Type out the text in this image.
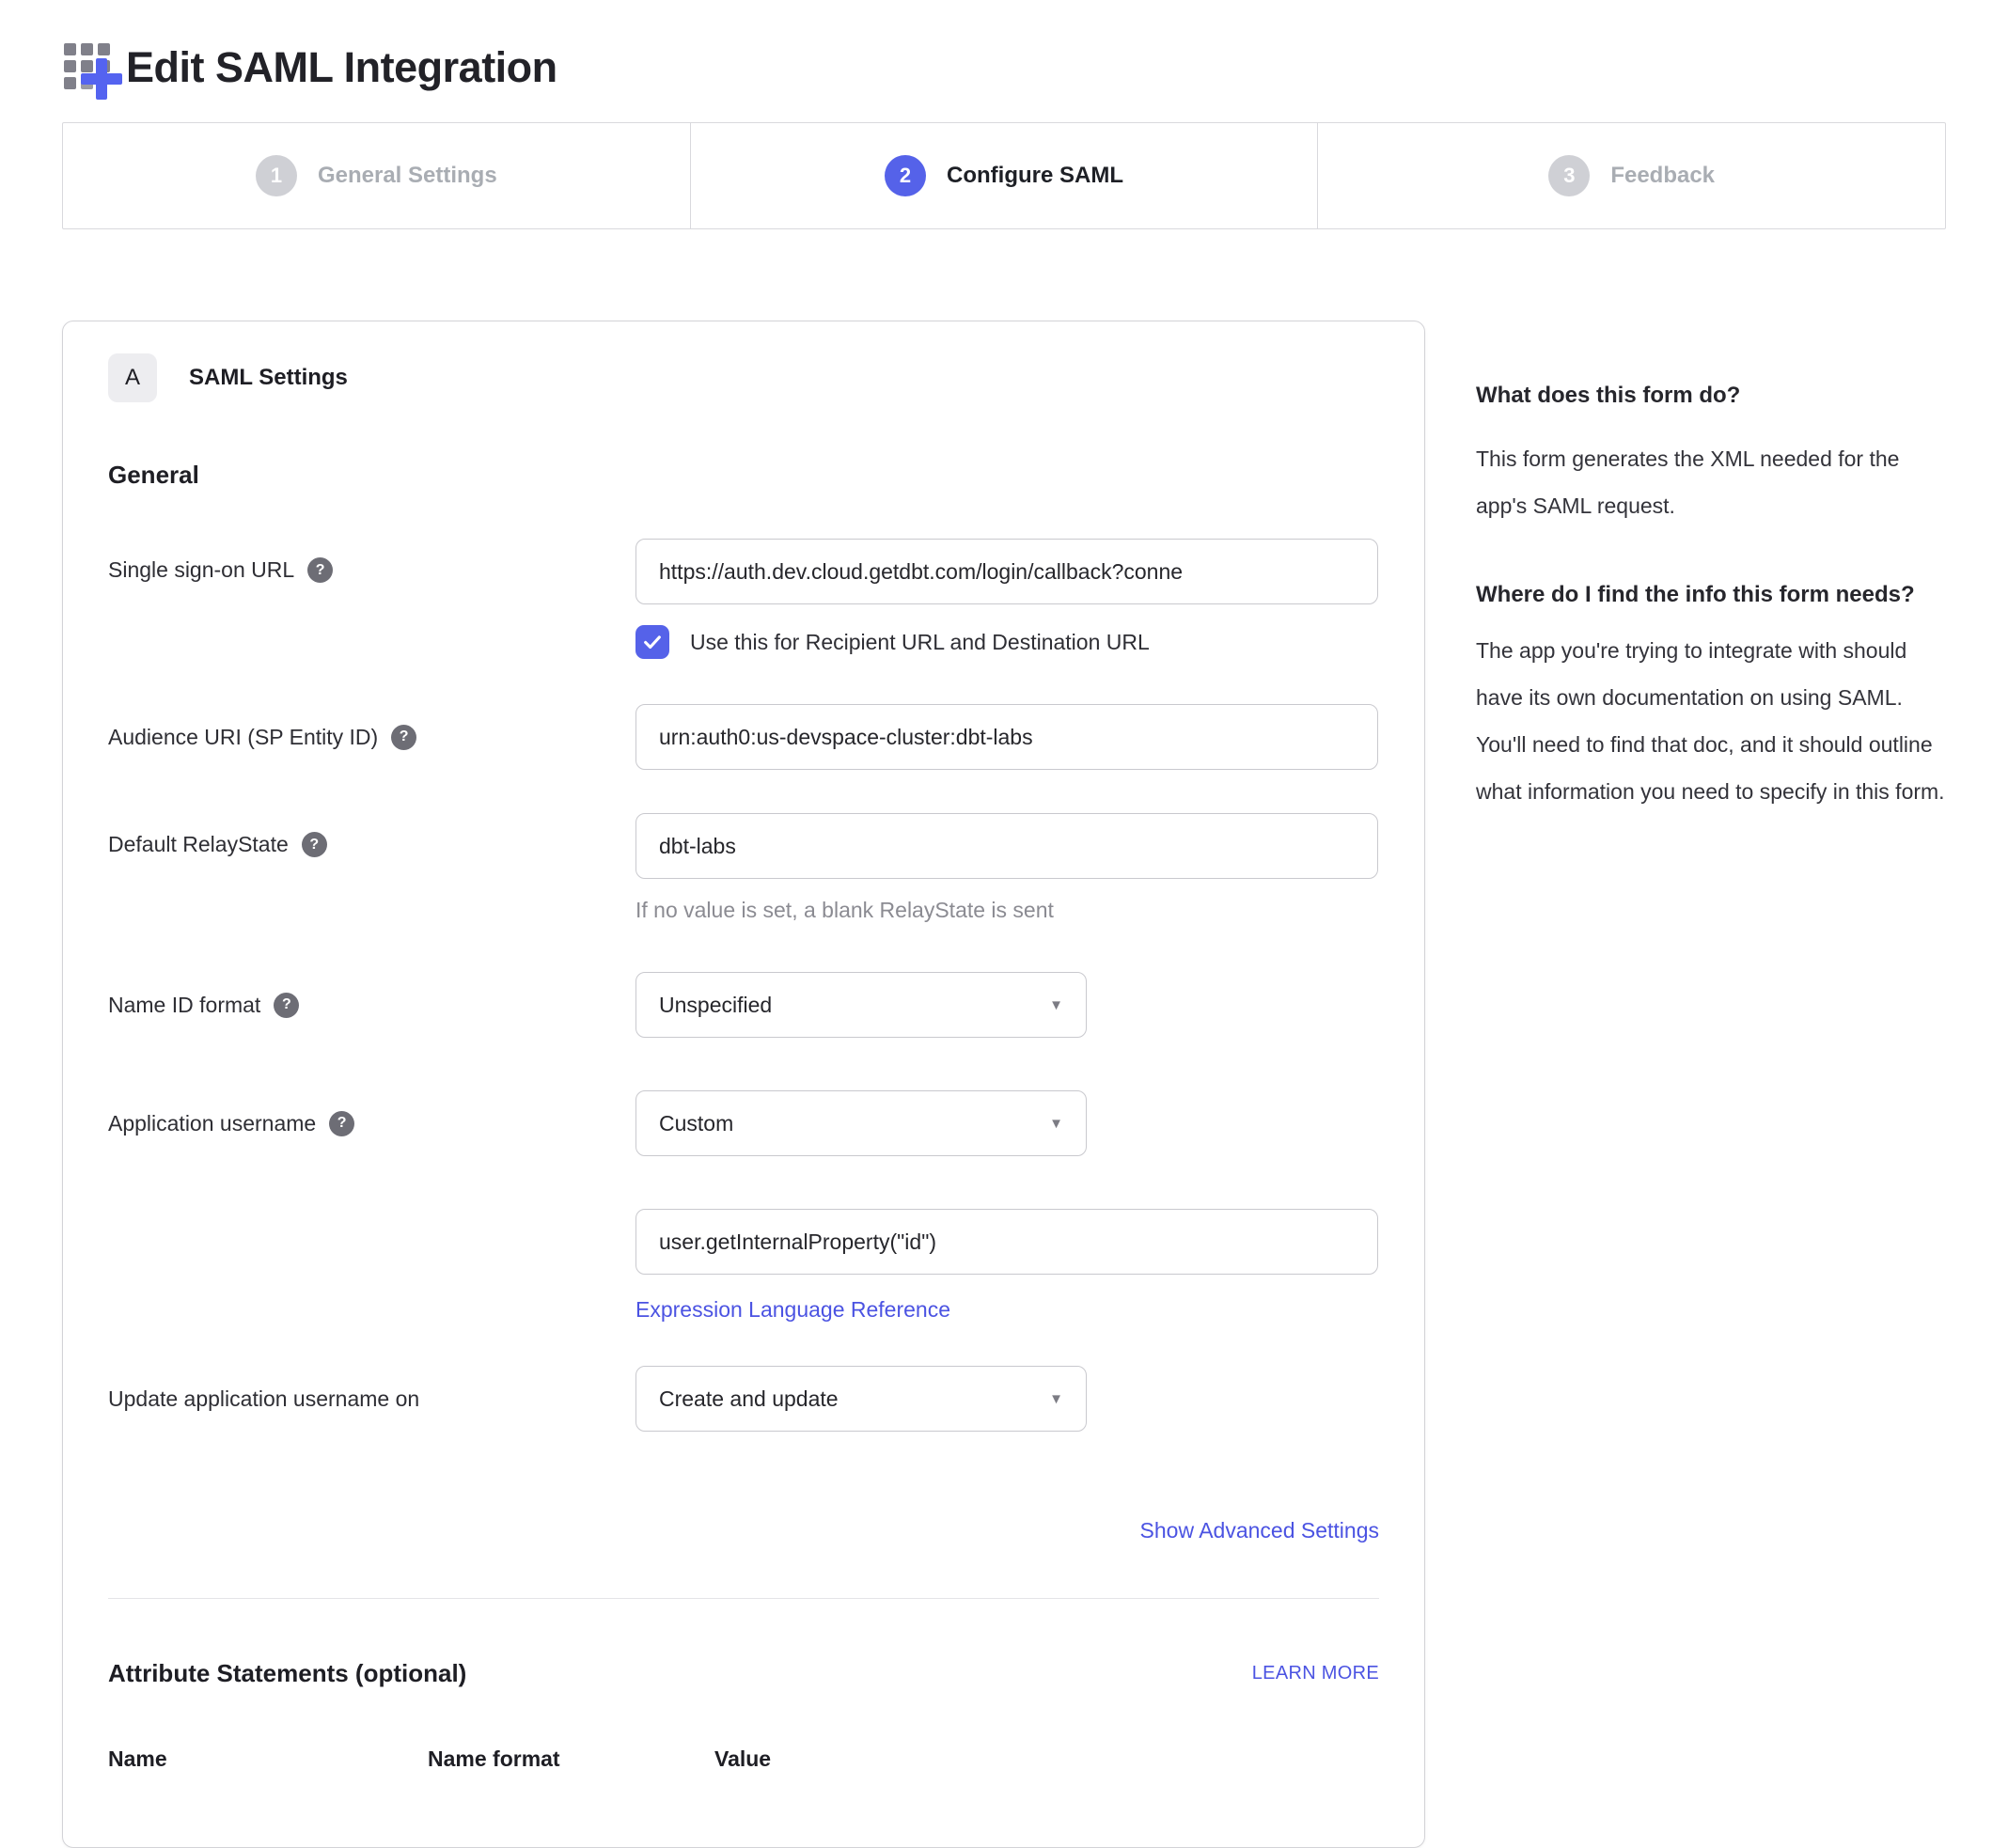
Edit SAML Integration
1	General Settings	2	Configure SAML	3	Feedback
A	SAML Settings
General
Single sign-on URL	?
https://auth.dev.cloud.getdbt.com/login/callback?conne
Use this for Recipient URL and Destination URL
Audience URI (SP Entity ID)	?
urn:auth0:us-devspace-cluster:dbt-labs
Default RelayState	?
dbt-labs
If no value is set, a blank RelayState is sent
Name ID format	?	Unspecified	▼
Application username	?	Custom	▼
user.getInternalProperty("id")
Expression Language Reference
Update application username on	Create and update	▼
Show Advanced Settings
Attribute Statements (optional)	LEARN MORE
Name	Name format	Value
What does this form do?

This form generates the XML needed for the app's SAML request.

Where do I find the info this form needs?

The app you're trying to integrate with should have its own documentation on using SAML. You'll need to find that doc, and it should outline what information you need to specify in this form.
